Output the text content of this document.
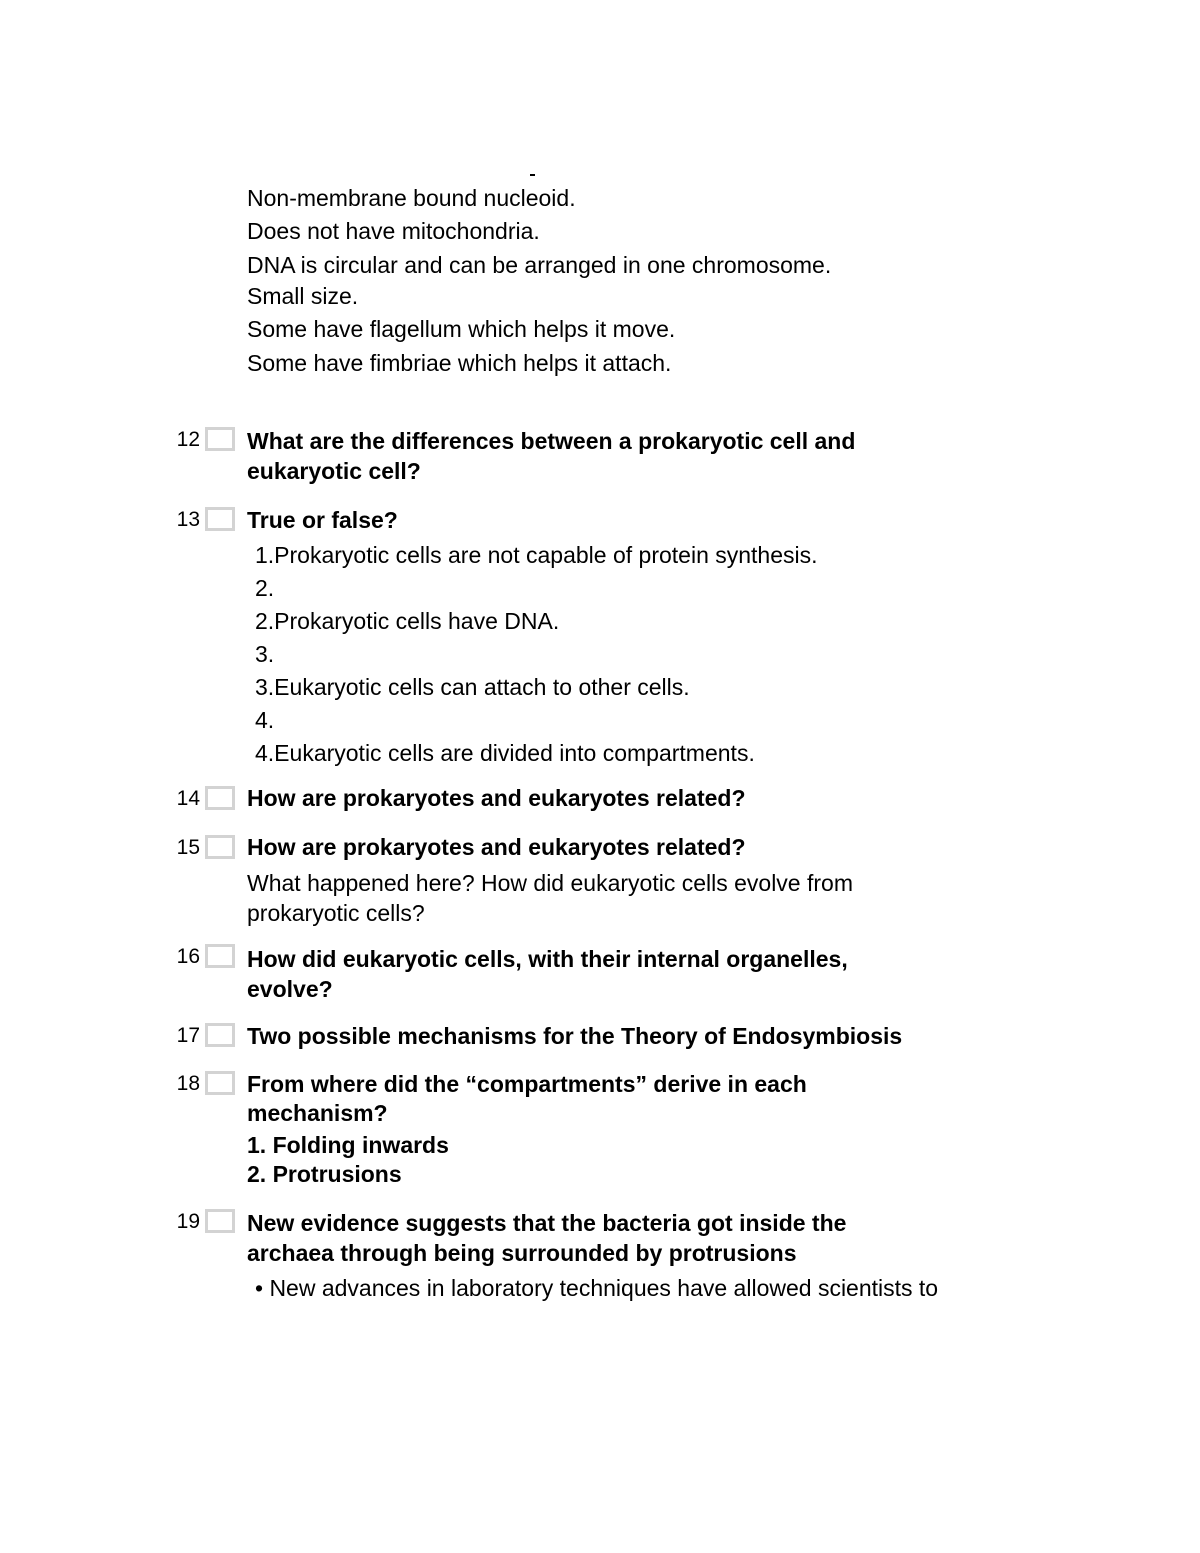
Non-membrane bound nucleoid.
Does not have mitochondria.
DNA is circular and can be arranged in one chromosome.
Small size.
Some have flagellum which helps it move.
Some have fimbriae which helps it attach.
12 What are the differences between a prokaryotic cell and
eukaryotic cell?
13 True or false?
1.Prokaryotic cells are not capable of protein synthesis.
2.
2.Prokaryotic cells have DNA.
3.
3.Eukaryotic cells can attach to other cells.
4.
4.Eukaryotic cells are divided into compartments.
14 How are prokaryotes and eukaryotes related?
15 How are prokaryotes and eukaryotes related?
What happened here? How did eukaryotic cells evolve from
prokaryotic cells?
16 How did eukaryotic cells, with their internal organelles,
evolve?
17 Two possible mechanisms for the Theory of Endosymbiosis
18 From where did the “compartments” derive in each
mechanism?
1. Folding inwards
2. Protrusions
19 New evidence suggests that the bacteria got inside the
archaea through being surrounded by protrusions
• New advances in laboratory techniques have allowed scientists to
